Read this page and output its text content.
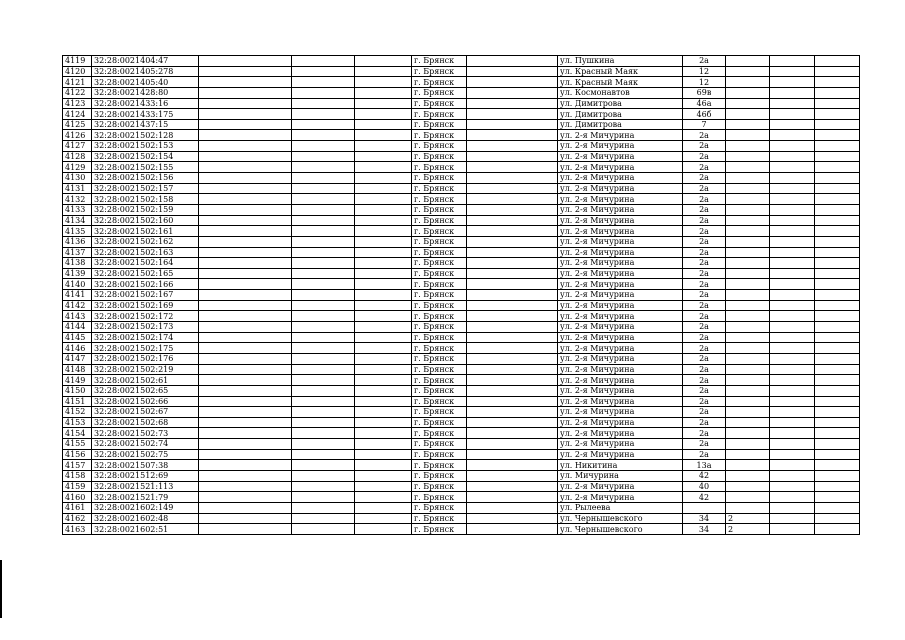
4119	32:28:0021404:47				г. Брянск		ул. Пушкина	2а			
4120	32:28:0021405:278				г. Брянск		ул. Красный Маяк	12			
4121	32:28:0021405:40				г. Брянск		ул. Красный Маяк	12			
4122	32:28:0021428:80				г. Брянск		ул. Космонавтов	69в			
4123	32:28:0021433:16				г. Брянск		ул. Димитрова	46а			
4124	32:28:0021433:175				г. Брянск		ул. Димитрова	46б			
4125	32:28:0021437:15				г. Брянск		ул. Димитрова	7			
4126	32:28:0021502:128				г. Брянск		ул. 2-я Мичурина	2а			
4127	32:28:0021502:153				г. Брянск		ул. 2-я Мичурина	2а			
4128	32:28:0021502:154				г. Брянск		ул. 2-я Мичурина	2а			
4129	32:28:0021502:155				г. Брянск		ул. 2-я Мичурина	2а			
4130	32:28:0021502:156				г. Брянск		ул. 2-я Мичурина	2а			
4131	32:28:0021502:157				г. Брянск		ул. 2-я Мичурина	2а			
4132	32:28:0021502:158				г. Брянск		ул. 2-я Мичурина	2а			
4133	32:28:0021502:159				г. Брянск		ул. 2-я Мичурина	2а			
4134	32:28:0021502:160				г. Брянск		ул. 2-я Мичурина	2а			
4135	32:28:0021502:161				г. Брянск		ул. 2-я Мичурина	2а			
4136	32:28:0021502:162				г. Брянск		ул. 2-я Мичурина	2а			
4137	32:28:0021502:163				г. Брянск		ул. 2-я Мичурина	2а			
4138	32:28:0021502:164				г. Брянск		ул. 2-я Мичурина	2а			
4139	32:28:0021502:165				г. Брянск		ул. 2-я Мичурина	2а			
4140	32:28:0021502:166				г. Брянск		ул. 2-я Мичурина	2а			
4141	32:28:0021502:167				г. Брянск		ул. 2-я Мичурина	2а			
4142	32:28:0021502:169				г. Брянск		ул. 2-я Мичурина	2а			
4143	32:28:0021502:172				г. Брянск		ул. 2-я Мичурина	2а			
4144	32:28:0021502:173				г. Брянск		ул. 2-я Мичурина	2а			
4145	32:28:0021502:174				г. Брянск		ул. 2-я Мичурина	2а			
4146	32:28:0021502:175				г. Брянск		ул. 2-я Мичурина	2а			
4147	32:28:0021502:176				г. Брянск		ул. 2-я Мичурина	2а			
4148	32:28:0021502:219				г. Брянск		ул. 2-я Мичурина	2а			
4149	32:28:0021502:61				г. Брянск		ул. 2-я Мичурина	2а			
4150	32:28:0021502:65				г. Брянск		ул. 2-я Мичурина	2а			
4151	32:28:0021502:66				г. Брянск		ул. 2-я Мичурина	2а			
4152	32:28:0021502:67				г. Брянск		ул. 2-я Мичурина	2а			
4153	32:28:0021502:68				г. Брянск		ул. 2-я Мичурина	2а			
4154	32:28:0021502:73				г. Брянск		ул. 2-я Мичурина	2а			
4155	32:28:0021502:74				г. Брянск		ул. 2-я Мичурина	2а			
4156	32:28:0021502:75				г. Брянск		ул. 2-я Мичурина	2а			
4157	32:28:0021507:38				г. Брянск		ул. Никитина	13а			
4158	32:28:0021512:69				г. Брянск		ул. Мичурина	42			
4159	32:28:0021521:113				г. Брянск		ул. 2-я Мичурина	40			
4160	32:28:0021521:79				г. Брянск		ул. 2-я Мичурина	42			
4161	32:28:0021602:149				г. Брянск		ул. Рылеева				
4162	32:28:0021602:48				г. Брянск		ул. Чернышевского	34	2		
4163	32:28:0021602:51				г. Брянск		ул. Чернышевского	34	2		
